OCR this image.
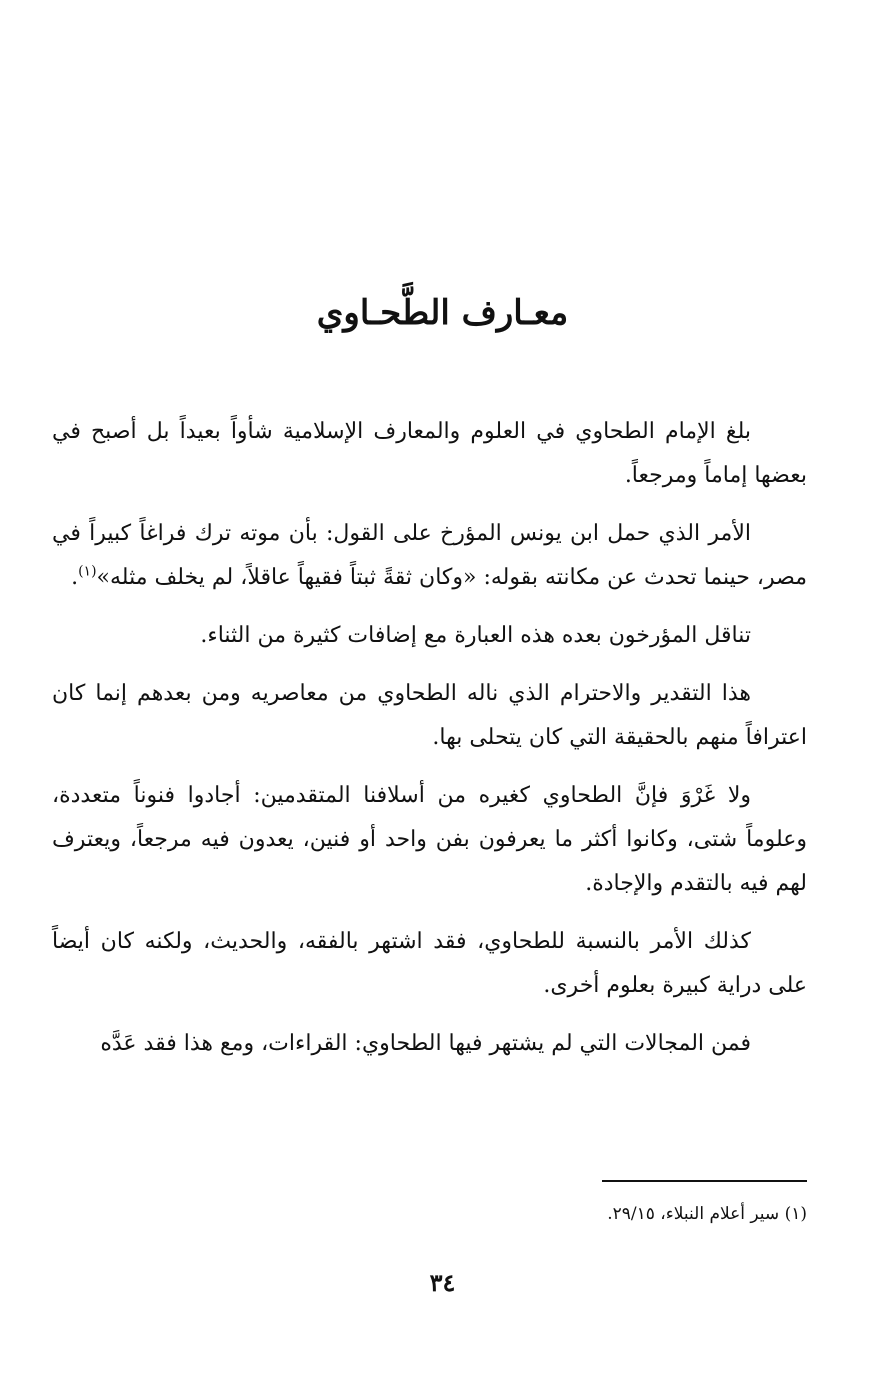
معـارف الطَّحـاوي

بلغ الإمام الطحاوي في العلوم والمعارف الإسلامية شأواً بعيداً بل أصبح في بعضها إماماً ومرجعاً.

الأمر الذي حمل ابن يونس المؤرخ على القول: بأن موته ترك فراغاً كبيراً في مصر، حينما تحدث عن مكانته بقوله: «وكان ثقةً ثبتاً فقيهاً عاقلاً، لم يخلف مثله»$^{(١)}$.

تناقل المؤرخون بعده هذه العبارة مع إضافات كثيرة من الثناء.

هذا التقدير والاحترام الذي ناله الطحاوي من معاصريه ومن بعدهم إنما كان اعترافاً منهم بالحقيقة التي كان يتحلى بها.

ولا غَرْوَ فإنَّ الطحاوي كغيره من أسلافنا المتقدمين: أجادوا فنوناً متعددة، وعلوماً شتى، وكانوا أكثر ما يعرفون بفن واحد أو فنين، يعدون فيه مرجعاً، ويعترف لهم فيه بالتقدم والإجادة.

كذلك الأمر بالنسبة للطحاوي، فقد اشتهر بالفقه، والحديث، ولكنه كان أيضاً على دراية كبيرة بعلوم أخرى.

فمن المجالات التي لم يشتهر فيها الطحاوي: القراءات، ومع هذا فقد عَدَّه

(١) سير أعلام النبلاء، ٢٩/١٥.

٣٤
